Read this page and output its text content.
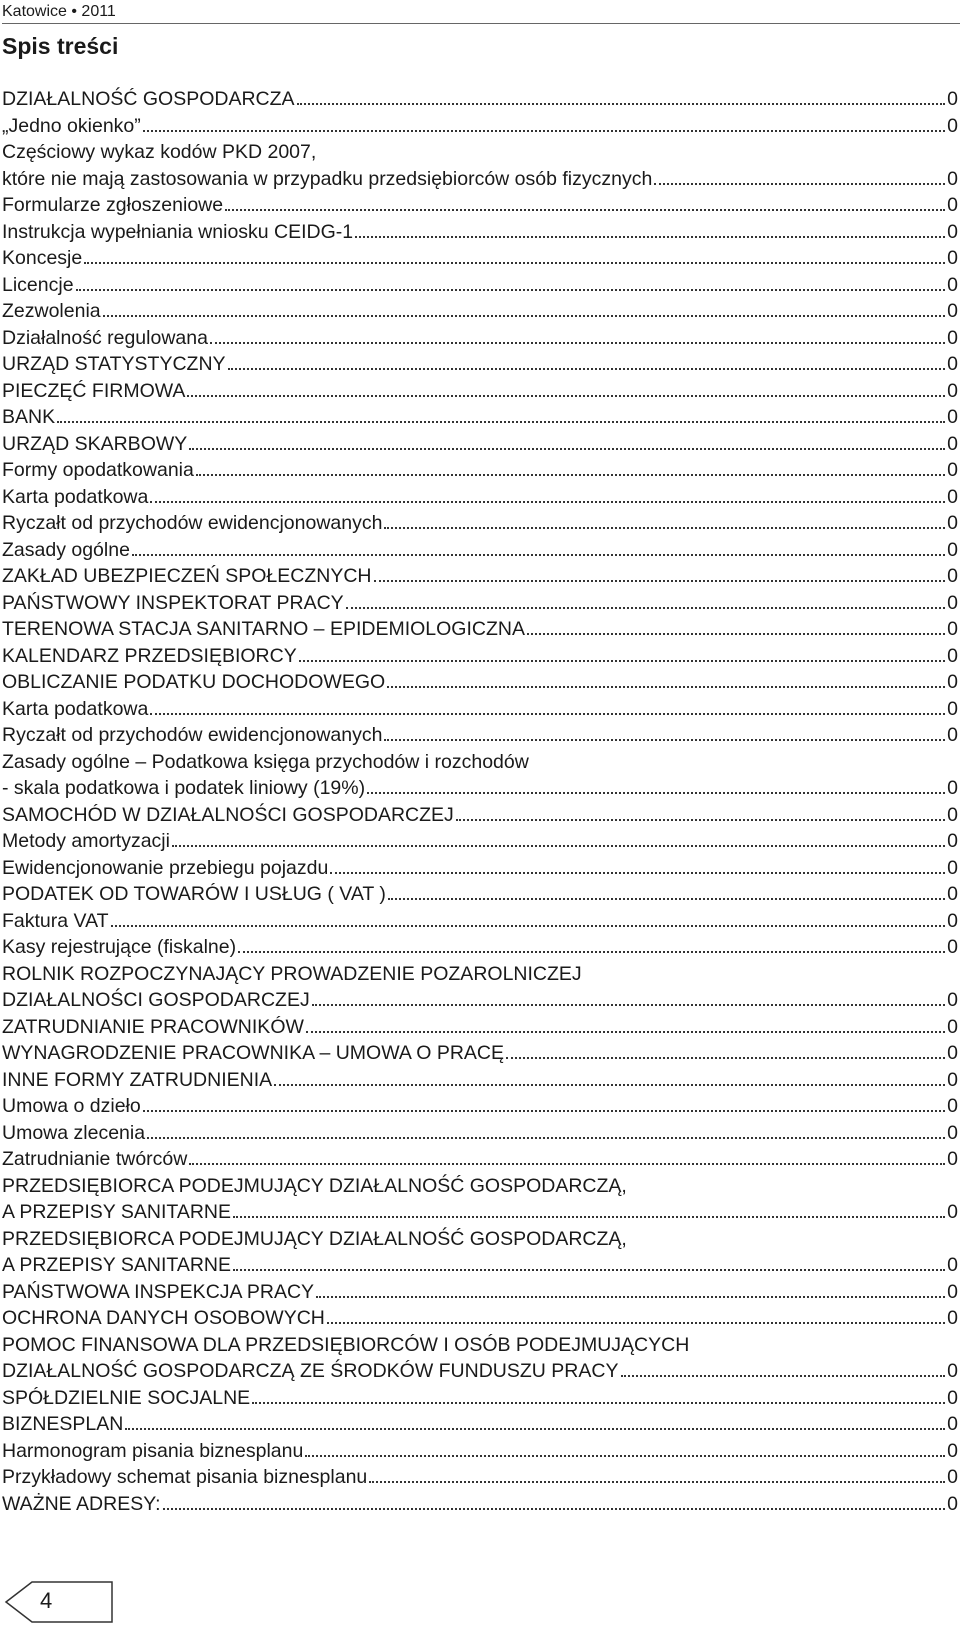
Katowice • 2011
Spis treści
DZIAŁALNOŚĆ GOSPODARCZA	0
„Jedno okienko”	0
Częściowy wykaz kodów PKD 2007,
które nie mają zastosowania w przypadku przedsiębiorców osób fizycznych	0
Formularze zgłoszeniowe	0
Instrukcja wypełniania wniosku CEIDG-1	0
Koncesje	0
Licencje	0
Zezwolenia	0
Działalność regulowana	0
URZĄD STATYSTYCZNY	0
PIECZĘĆ FIRMOWA	0
BANK	0
URZĄD SKARBOWY	0
Formy opodatkowania	0
Karta podatkowa	0
Ryczałt od przychodów ewidencjonowanych	0
Zasady ogólne	0
ZAKŁAD UBEZPIECZEŃ SPOŁECZNYCH	0
PAŃSTWOWY INSPEKTORAT PRACY	0
TERENOWA STACJA SANITARNO – EPIDEMIOLOGICZNA	0
KALENDARZ PRZEDSIĘBIORCY	0
OBLICZANIE PODATKU DOCHODOWEGO	0
Karta podatkowa	0
Ryczałt od przychodów ewidencjonowanych	0
Zasady ogólne – Podatkowa księga przychodów i rozchodów
- skala podatkowa i podatek liniowy (19%)	0
SAMOCHÓD W DZIAŁALNOŚCI GOSPODARCZEJ	0
Metody amortyzacji	0
Ewidencjonowanie przebiegu pojazdu	0
PODATEK OD TOWARÓW I USŁUG ( VAT )	0
Faktura VAT	0
Kasy rejestrujące (fiskalne)	0
ROLNIK ROZPOCZYNAJĄCY PROWADZENIE POZAROLNICZEJ
DZIAŁALNOŚCI GOSPODARCZEJ	0
ZATRUDNIANIE PRACOWNIKÓW	0
WYNAGRODZENIE PRACOWNIKA – UMOWA O PRACĘ	0
INNE FORMY ZATRUDNIENIA	0
Umowa o dzieło	0
Umowa zlecenia	0
Zatrudnianie twórców	0
PRZEDSIĘBIORCA PODEJMUJĄCY DZIAŁALNOŚĆ GOSPODARCZĄ,
A PRZEPISY SANITARNE	0
PRZEDSIĘBIORCA PODEJMUJĄCY DZIAŁALNOŚĆ GOSPODARCZĄ,
A PRZEPISY SANITARNE	0
PAŃSTWOWA INSPEKCJA PRACY	0
OCHRONA DANYCH OSOBOWYCH	0
POMOC FINANSOWA DLA PRZEDSIĘBIORCÓW I OSÓB PODEJMUJĄCYCH
DZIAŁALNOŚĆ GOSPODARCZĄ ZE ŚRODKÓW FUNDUSZU PRACY	0
SPÓŁDZIELNIE SOCJALNE	0
BIZNESPLAN	0
Harmonogram pisania biznesplanu	0
Przykładowy schemat pisania biznesplanu	0
WAŻNE ADRESY:	0
4
